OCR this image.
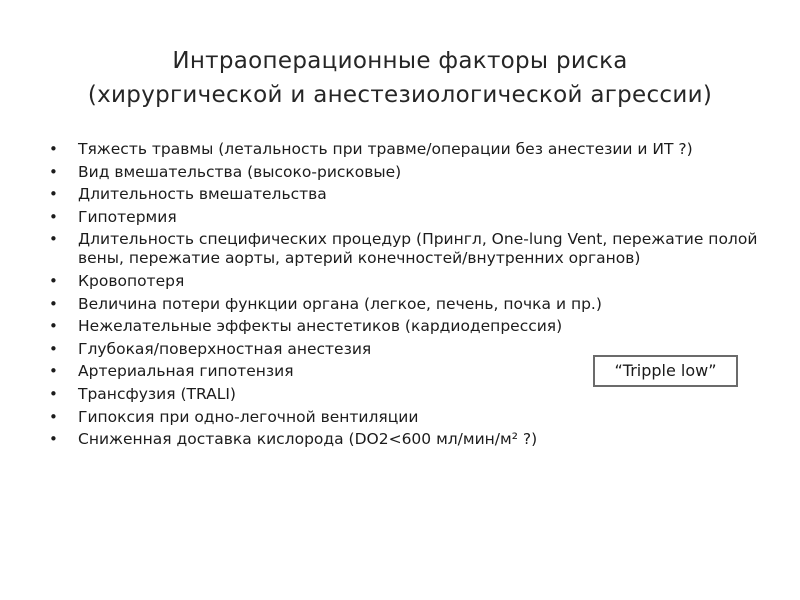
Интраоперационные факторы риска
(хирургической и анестезиологической агрессии)
• Тяжесть травмы (летальность при травме/операции без анестезии и ИТ ?)
• Вид вмешательства (высоко-рисковые)
• Длительность вмешательства
• Гипотермия
• Длительность специфических процедур (Прингл, One-lung Vent, пережатие полой вены, пережатие аорты, артерий конечностей/внутренних органов)
• Кровопотеря
• Величина потери функции органа (легкое, печень, почка и пр.)
• Нежелательные эффекты анестетиков (кардиодепрессия)
• Глубокая/поверхностная анестезия
• Артериальная гипотензия
• Трансфузия (TRALI)
• Гипоксия при одно-легочной вентиляции
• Сниженная доставка кислорода (DO2<600 мл/мин/м² ?)
“Tripple low”
